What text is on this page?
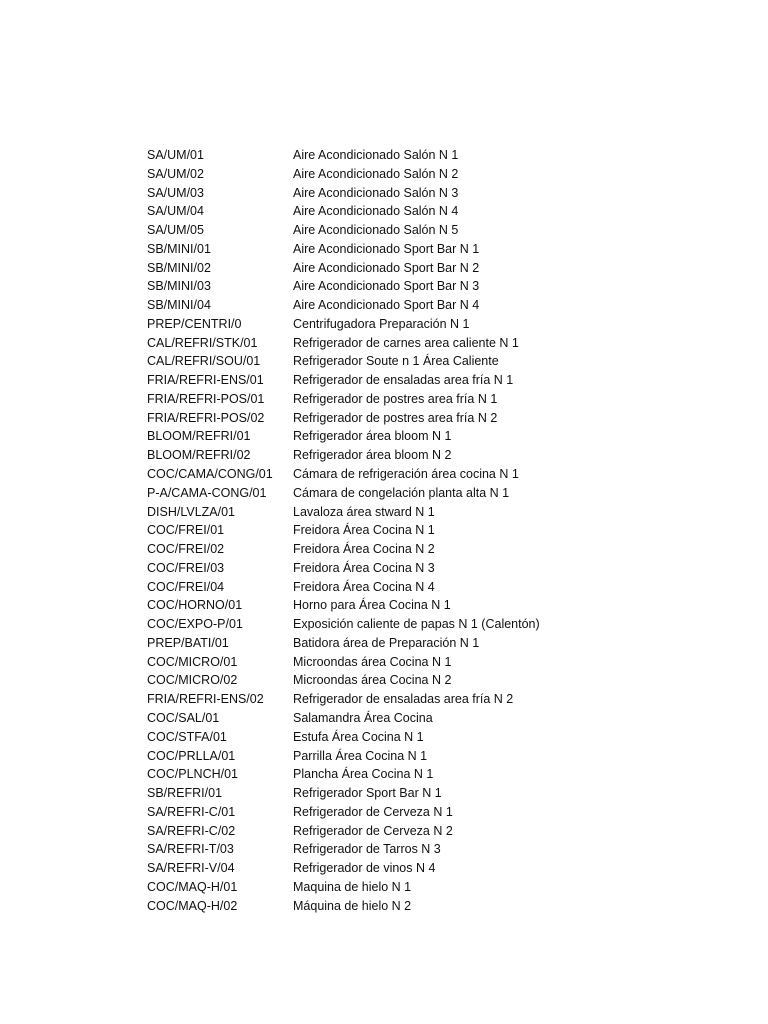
SA/UM/01	Aire Acondicionado Salón N 1
SA/UM/02	Aire Acondicionado Salón N 2
SA/UM/03	Aire Acondicionado Salón N 3
SA/UM/04	Aire Acondicionado Salón N 4
SA/UM/05	Aire Acondicionado Salón N 5
SB/MINI/01	Aire Acondicionado Sport Bar N 1
SB/MINI/02	Aire Acondicionado Sport Bar N 2
SB/MINI/03	Aire Acondicionado Sport Bar N 3
SB/MINI/04	Aire Acondicionado Sport Bar N 4
PREP/CENTRI/0	Centrifugadora Preparación N 1
CAL/REFRI/STK/01	Refrigerador de carnes area caliente N 1
CAL/REFRI/SOU/01	Refrigerador Soute n 1 Área Caliente
FRIA/REFRI-ENS/01	Refrigerador de ensaladas area fría N 1
FRIA/REFRI-POS/01	Refrigerador de postres area fría N 1
FRIA/REFRI-POS/02	Refrigerador de postres area fría N 2
BLOOM/REFRI/01	Refrigerador área bloom N 1
BLOOM/REFRI/02	Refrigerador área bloom N 2
COC/CAMA/CONG/01	Cámara de refrigeración área cocina N 1
P-A/CAMA-CONG/01	Cámara de congelación planta alta N 1
DISH/LVLZA/01	Lavaloza área stward N 1
COC/FREI/01	Freidora Área Cocina N 1
COC/FREI/02	Freidora Área Cocina N 2
COC/FREI/03	Freidora Área Cocina N 3
COC/FREI/04	Freidora Área Cocina N 4
COC/HORNO/01	Horno para Área Cocina N 1
COC/EXPO-P/01	Exposición caliente de papas N 1 (Calentón)
PREP/BATI/01	Batidora área de Preparación N 1
COC/MICRO/01	Microondas área Cocina N 1
COC/MICRO/02	Microondas área Cocina N 2
FRIA/REFRI-ENS/02	Refrigerador de ensaladas area fría N 2
COC/SAL/01	Salamandra Área Cocina
COC/STFA/01	Estufa Área Cocina N 1
COC/PRLLA/01	Parrilla Área Cocina N 1
COC/PLNCH/01	Plancha Área Cocina N 1
SB/REFRI/01	Refrigerador Sport Bar N 1
SA/REFRI-C/01	Refrigerador de Cerveza N 1
SA/REFRI-C/02	Refrigerador de Cerveza N 2
SA/REFRI-T/03	Refrigerador de Tarros N 3
SA/REFRI-V/04	Refrigerador de vinos N 4
COC/MAQ-H/01	Maquina de hielo N 1
COC/MAQ-H/02	Máquina de hielo N 2
